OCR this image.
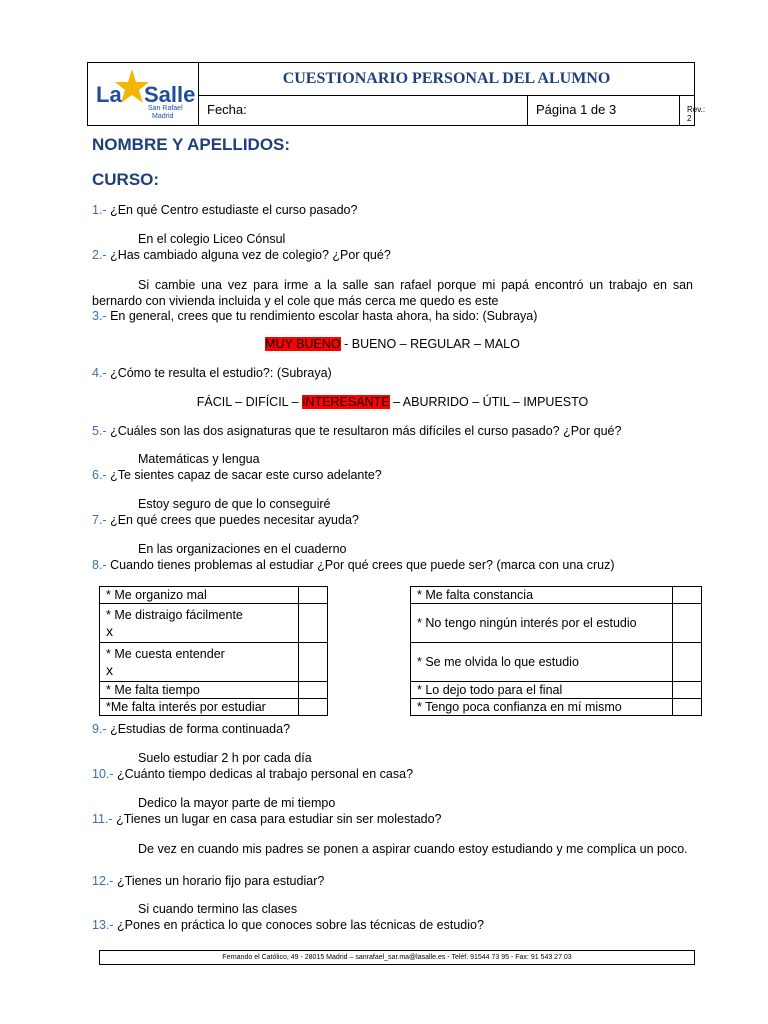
La Salle
San Rafael
Madrid
CUESTIONARIO PERSONAL DEL ALUMNO
Fecha:	Página 1 de 3	Rev.: 2
NOMBRE Y APELLIDOS:
CURSO:
1.- ¿En qué Centro estudiaste el curso pasado?
En el colegio Liceo Cónsul
2.- ¿Has cambiado alguna vez de colegio? ¿Por qué?
Si cambie una vez para irme a la salle san rafael porque mi papá encontró un trabajo en san bernardo con vivienda incluida y el cole que más cerca me quedo es este
3.- En general, crees que tu rendimiento escolar hasta ahora, ha sido: (Subraya)
MUY BUENO - BUENO – REGULAR – MALO
4.- ¿Cómo te resulta el estudio?: (Subraya)
FÁCIL – DIFÍCIL – INTERESANTE – ABURRIDO – ÚTIL – IMPUESTO
5.- ¿Cuáles son las dos asignaturas que te resultaron más difíciles el curso pasado? ¿Por qué?
Matemáticas y lengua
6.- ¿Te sientes capaz de sacar este curso adelante?
Estoy seguro de que lo conseguiré
7.- ¿En qué crees que puedes necesitar ayuda?
En las organizaciones en el cuaderno
8.- Cuando tienes problemas al estudiar ¿Por qué crees que puede ser? (marca con una cruz)
* Me organizo mal	

* Me distraigo fácilmente
x	

* Me cuesta entender
x	

* Me falta tiempo	
*Me falta interés por estudiar	
* Me falta constancia	
* No tengo ningún interés por el estudio	
* Se me olvida lo que estudio	
* Lo dejo todo para el final	
* Tengo poca confianza en mí mismo	
9.- ¿Estudias de forma continuada?
Suelo estudiar 2 h por cada día
10.- ¿Cuánto tiempo dedicas al trabajo personal en casa?
Dedico la mayor parte de mi tiempo
11.- ¿Tienes un lugar en casa para estudiar sin ser molestado?
De vez en cuando mis padres se ponen a aspirar cuando estoy estudiando y me complica un poco.
12.- ¿Tienes un horario fijo para estudiar?
Si cuando termino las clases
13.- ¿Pones en práctica lo que conoces sobre las técnicas de estudio?
Fernando el Católico, 49 - 28015 Madrid – sanrafael_sar.ma@lasalle.es - Teléf. 91544 73 95 - Fax: 91 543 27 03
